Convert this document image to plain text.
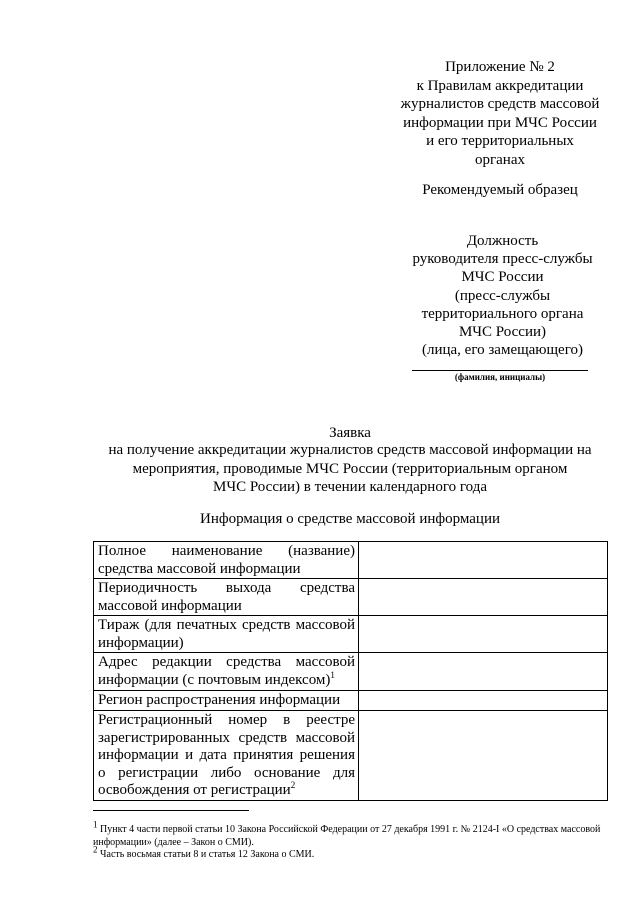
Приложение № 2
к Правилам аккредитации
журналистов средств массовой
информации при МЧС России
и его территориальных
органах
Рекомендуемый образец
Должность
руководителя пресс-службы
МЧС России
(пресс-службы
территориального органа
МЧС России)
(лица, его замещающего)
(фамилия, инициалы)
Заявка
на получение аккредитации журналистов средств массовой информации на
мероприятия, проводимые МЧС России (территориальным органом
МЧС России) в течении календарного года
Информация о средстве массовой информации
Полное наименование (название) средства массовой информации	
Периодичность выхода средства массовой информации	
Тираж (для печатных средств массовой информации)	
Адрес редакции средства массовой информации (с почтовым индексом)$^1$	
Регион распространения информации	
Регистрационный номер в реестре зарегистрированных средств массовой информации и дата принятия решения о регистрации либо основание для освобождения от регистрации$^2$	

$^1$ Пункт 4 части первой статьи 10 Закона Российской Федерации от 27 декабря 1991 г. № 2124-I «О средствах массовой информации» (далее – Закон о СМИ).

$^2$ Часть восьмая статьи 8 и статья 12 Закона о СМИ.
